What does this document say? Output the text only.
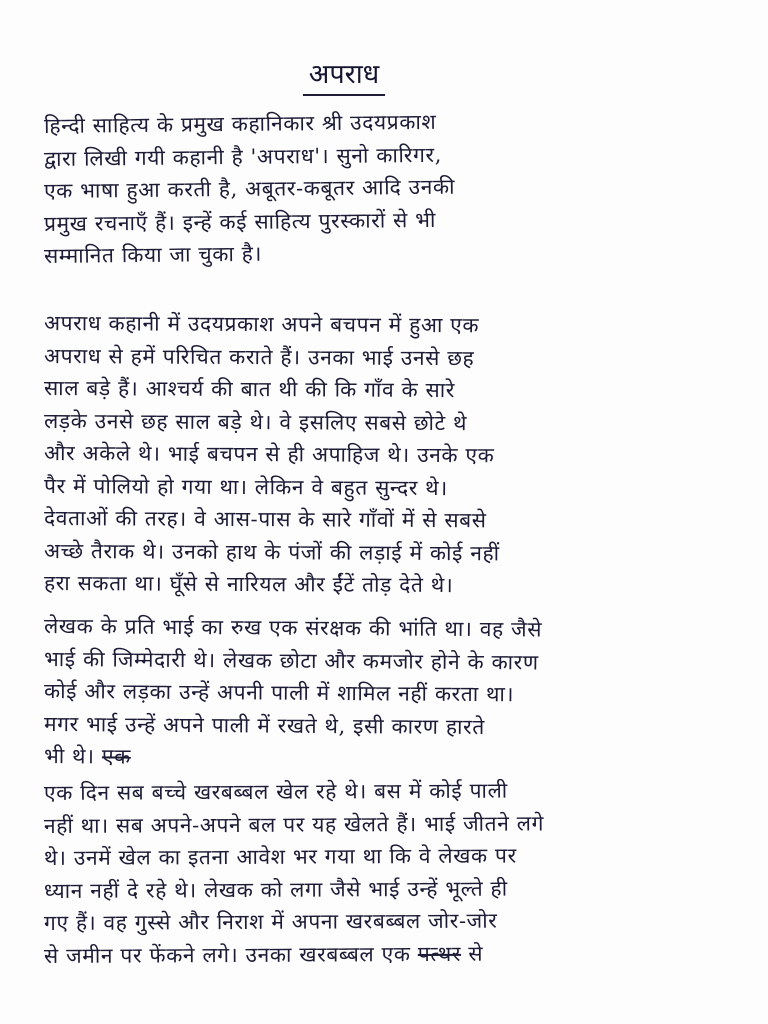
अपराध
हिन्दी साहित्य के प्रमुख कहानिकार श्री उदयप्रकाश
द्वारा लिखी गयी कहानी है 'अपराध'। सुनो कारिगर,
एक भाषा हुआ करती है, अबूतर-कबूतर आदि उनकी
प्रमुख रचनाएँ हैं। इन्हें कई साहित्य पुरस्कारों से भी
सम्मानित किया जा चुका है।
अपराध कहानी में उदयप्रकाश अपने बचपन में हुआ एक
अपराध से हमें परिचित कराते हैं। उनका भाई उनसे छह
साल बड़े हैं। आश्चर्य की बात थी की कि गाँव के सारे
लड़के उनसे छह साल बड़े थे। वे इसलिए सबसे छोटे थे
और अकेले थे। भाई बचपन से ही अपाहिज थे। उनके एक
पैर में पोलियो हो गया था। लेकिन वे बहुत सुन्दर थे।
देवताओं की तरह। वे आस-पास के सारे गाँवों में से सबसे
अच्छे तैराक थे। उनको हाथ के पंजों की लड़ाई में कोई नहीं
हरा सकता था। घूँसे से नारियल और ईंटें तोड़ देते थे।
लेखक के प्रति भाई का रुख एक संरक्षक की भांति था। वह जैसे
भाई की जिम्मेदारी थे। लेखक छोटा और कमजोर होने के कारण
कोई और लड़का उन्हें अपनी पाली में शामिल नहीं करता था।
मगर भाई उन्हें अपने पाली में रखते थे, इसी कारण हारते
भी थे। एक
एक दिन सब बच्चे खरबब्बल खेल रहे थे। बस में कोई पाली
नहीं था। सब अपने-अपने बल पर यह खेलते हैं। भाई जीतने लगे
थे। उनमें खेल का इतना आवेश भर गया था कि वे लेखक पर
ध्यान नहीं दे रहे थे। लेखक को लगा जैसे भाई उन्हें भूल्ते ही
गए हैं। वह गुस्से और निराश में अपना खरबब्बल जोर-जोर
से जमीन पर फेंकने लगे। उनका खरबब्बल एक पत्थर से
